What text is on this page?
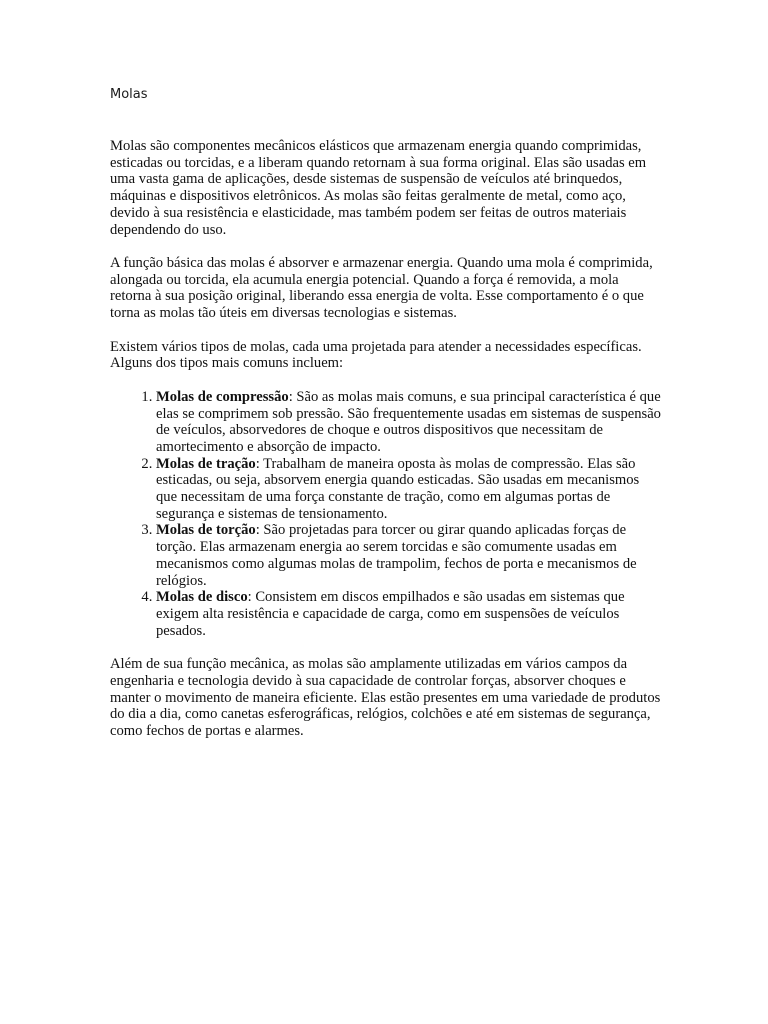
Molas

Molas são componentes mecânicos elásticos que armazenam energia quando comprimidas, esticadas ou torcidas, e a liberam quando retornam à sua forma original. Elas são usadas em uma vasta gama de aplicações, desde sistemas de suspensão de veículos até brinquedos, máquinas e dispositivos eletrônicos. As molas são feitas geralmente de metal, como aço, devido à sua resistência e elasticidade, mas também podem ser feitas de outros materiais dependendo do uso.

A função básica das molas é absorver e armazenar energia. Quando uma mola é comprimida, alongada ou torcida, ela acumula energia potencial. Quando a força é removida, a mola retorna à sua posição original, liberando essa energia de volta. Esse comportamento é o que torna as molas tão úteis em diversas tecnologias e sistemas.

Existem vários tipos de molas, cada uma projetada para atender a necessidades específicas. Alguns dos tipos mais comuns incluem:

1. Molas de compressão: São as molas mais comuns, e sua principal característica é que elas se comprimem sob pressão. São frequentemente usadas em sistemas de suspensão de veículos, absorvedores de choque e outros dispositivos que necessitam de amortecimento e absorção de impacto.
2. Molas de tração: Trabalham de maneira oposta às molas de compressão. Elas são esticadas, ou seja, absorvem energia quando esticadas. São usadas em mecanismos que necessitam de uma força constante de tração, como em algumas portas de segurança e sistemas de tensionamento.
3. Molas de torção: São projetadas para torcer ou girar quando aplicadas forças de torção. Elas armazenam energia ao serem torcidas e são comumente usadas em mecanismos como algumas molas de trampolim, fechos de porta e mecanismos de relógios.
4. Molas de disco: Consistem em discos empilhados e são usadas em sistemas que exigem alta resistência e capacidade de carga, como em suspensões de veículos pesados.

Além de sua função mecânica, as molas são amplamente utilizadas em vários campos da engenharia e tecnologia devido à sua capacidade de controlar forças, absorver choques e manter o movimento de maneira eficiente. Elas estão presentes em uma variedade de produtos do dia a dia, como canetas esferográficas, relógios, colchões e até em sistemas de segurança, como fechos de portas e alarmes.
